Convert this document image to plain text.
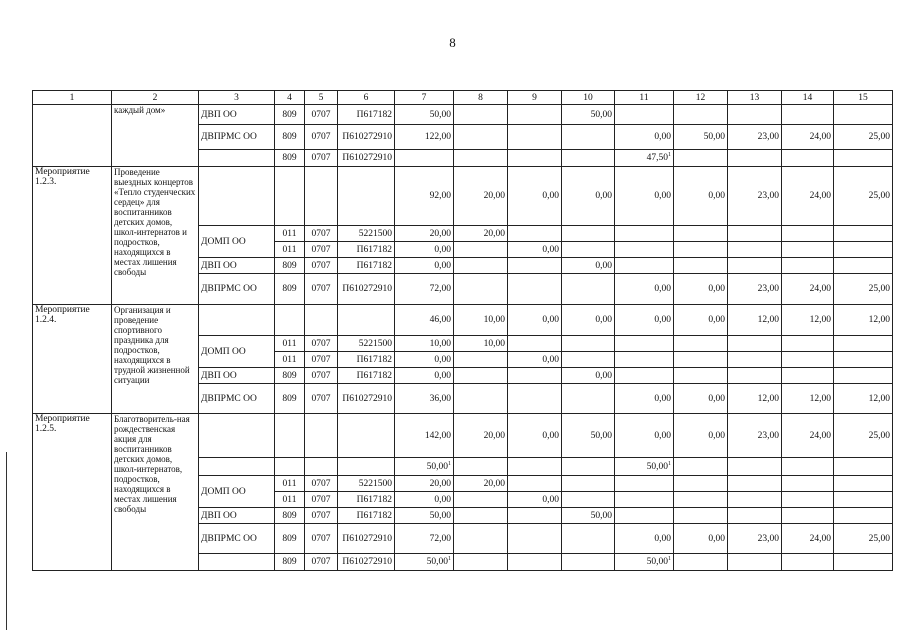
8
1	2	3	4	5	6	7	8	9	10	11	12	13	14	15
	каждый дом»	ДВП ОО	809	0707	П617182	50,00			50,00					
		ДВПРМС ОО	809	0707	П610272910	122,00				0,00	50,00	23,00	24,00	25,00
			809	0707	П610272910					47,50$^1$				
Мероприятие 1.2.3.	Проведение выездных концертов «Тепло студенческих сердец» для воспитанников детских домов, школ-интернатов и подростков, находящихся в местах лишения свободы					92,00	20,00	0,00	0,00	0,00	0,00	23,00	24,00	25,00
		ДОМП ОО	011	0707	5221500	20,00	20,00							
			011	0707	П617182	0,00		0,00						
		ДВП ОО	809	0707	П617182	0,00			0,00					
		ДВПРМС ОО	809	0707	П610272910	72,00				0,00	0,00	23,00	24,00	25,00
Мероприятие 1.2.4.	Организация и проведение спортивного праздника для подростков, находящихся в трудной жизненной ситуации					46,00	10,00	0,00	0,00	0,00	0,00	12,00	12,00	12,00
		ДОМП ОО	011	0707	5221500	10,00	10,00							
			011	0707	П617182	0,00		0,00						
		ДВП ОО	809	0707	П617182	0,00			0,00					
		ДВПРМС ОО	809	0707	П610272910	36,00				0,00	0,00	12,00	12,00	12,00
Мероприятие 1.2.5.	Благотворитель-ная рождественская акция для воспитанников детских домов, школ-интернатов, подростков, находящихся в местах лишения свободы					142,00	20,00	0,00	50,00	0,00	0,00	23,00	24,00	25,00
						50,00$^1$				50,00$^1$				
		ДОМП ОО	011	0707	5221500	20,00	20,00							
			011	0707	П617182	0,00		0,00						
		ДВП ОО	809	0707	П617182	50,00			50,00					
		ДВПРМС ОО	809	0707	П610272910	72,00				0,00	0,00	23,00	24,00	25,00
			809	0707	П610272910	50,00$^1$				50,00$^1$				
